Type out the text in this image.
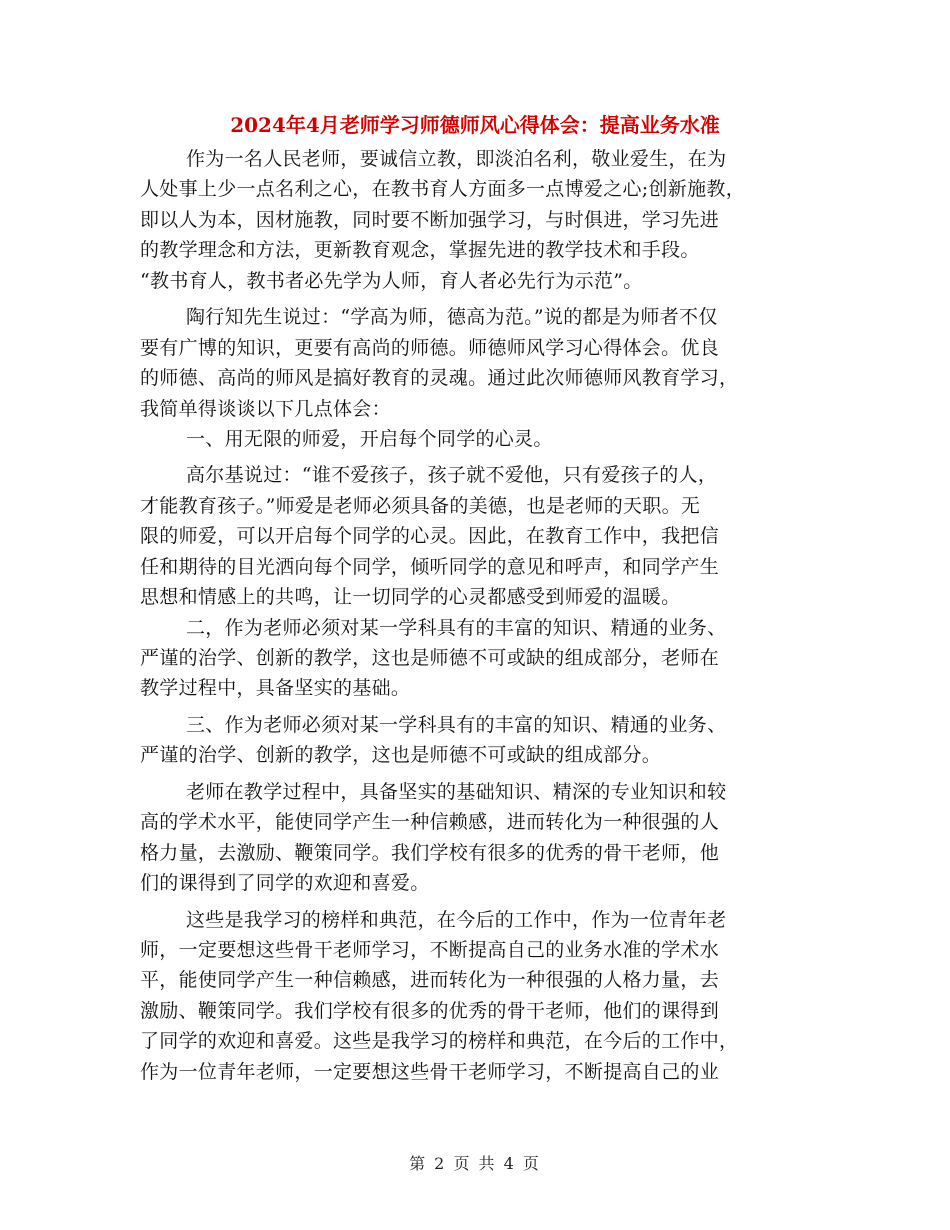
2024年4月老师学习师德师风心得体会：提高业务水准
作为一名人民老师，要诚信立教，即淡泊名利，敬业爱生，在为
人处事上少一点名利之心，在教书育人方面多一点博爱之心;创新施教，
即以人为本，因材施教，同时要不断加强学习，与时俱进，学习先进
的教学理念和方法，更新教育观念，掌握先进的教学技术和手段。
“教书育人，教书者必先学为人师，育人者必先行为示范”。
陶行知先生说过：“学高为师，德高为范。”说的都是为师者不仅
要有广博的知识，更要有高尚的师德。师德师风学习心得体会。优良
的师德、高尚的师风是搞好教育的灵魂。通过此次师德师风教育学习，
我简单得谈谈以下几点体会：
一、用无限的师爱，开启每个同学的心灵。
高尔基说过：“谁不爱孩子，孩子就不爱他，只有爱孩子的人，
才能教育孩子。”师爱是老师必须具备的美德，也是老师的天职。无
限的师爱，可以开启每个同学的心灵。因此，在教育工作中，我把信
任和期待的目光洒向每个同学，倾听同学的意见和呼声，和同学产生
思想和情感上的共鸣，让一切同学的心灵都感受到师爱的温暖。
二，作为老师必须对某一学科具有的丰富的知识、精通的业务、
严谨的治学、创新的教学，这也是师德不可或缺的组成部分，老师在
教学过程中，具备坚实的基础。
三、作为老师必须对某一学科具有的丰富的知识、精通的业务、
严谨的治学、创新的教学，这也是师德不可或缺的组成部分。
老师在教学过程中，具备坚实的基础知识、精深的专业知识和较
高的学术水平，能使同学产生一种信赖感，进而转化为一种很强的人
格力量，去激励、鞭策同学。我们学校有很多的优秀的骨干老师，他
们的课得到了同学的欢迎和喜爱。
这些是我学习的榜样和典范，在今后的工作中，作为一位青年老
师，一定要想这些骨干老师学习，不断提高自己的业务水准的学术水
平，能使同学产生一种信赖感，进而转化为一种很强的人格力量，去
激励、鞭策同学。我们学校有很多的优秀的骨干老师，他们的课得到
了同学的欢迎和喜爱。这些是我学习的榜样和典范，在今后的工作中，
作为一位青年老师，一定要想这些骨干老师学习，不断提高自己的业
第 2 页 共 4 页
